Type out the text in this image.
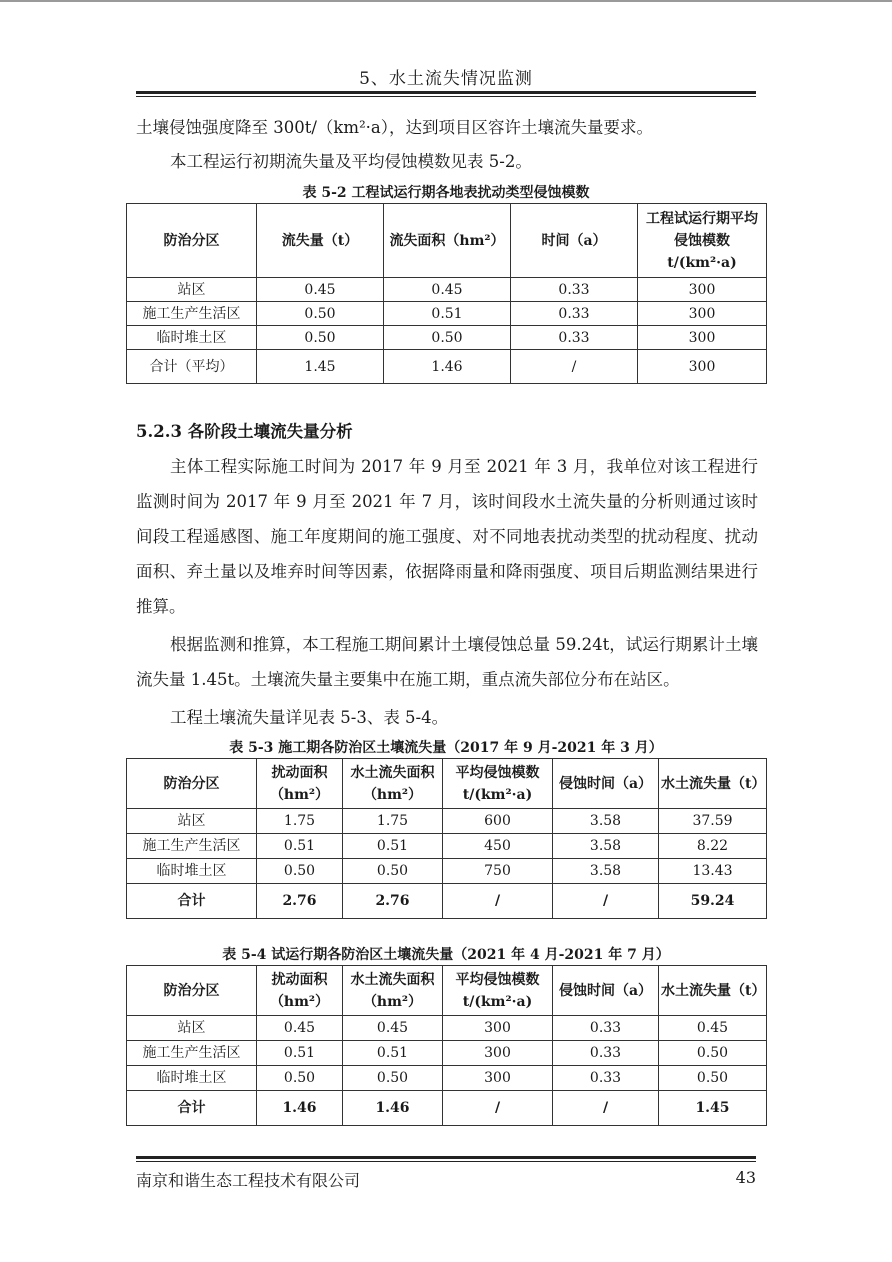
5、水土流失情况监测

土壤侵蚀强度降至 300t/（km²·a），达到项目区容许土壤流失量要求。

本工程运行初期流失量及平均侵蚀模数见表 5-2。

表 5-2 工程试运行期各地表扰动类型侵蚀模数

防治分区	流失量（t）	流失面积（hm²）	时间（a）	工程试运行期平均侵蚀模数 t/(km²·a)
站区	0.45	0.45	0.33	300
施工生产生活区	0.50	0.51	0.33	300
临时堆土区	0.50	0.50	0.33	300
合计（平均）	1.45	1.46	/	300

5.2.3 各阶段土壤流失量分析

主体工程实际施工时间为 2017 年 9 月至 2021 年 3 月，我单位对该工程进行监测时间为 2017 年 9 月至 2021 年 7 月，该时间段水土流失量的分析则通过该时间段工程遥感图、施工年度期间的施工强度、对不同地表扰动类型的扰动程度、扰动面积、弃土量以及堆弃时间等因素，依据降雨量和降雨强度、项目后期监测结果进行推算。

根据监测和推算，本工程施工期间累计土壤侵蚀总量 59.24t，试运行期累计土壤流失量 1.45t。土壤流失量主要集中在施工期，重点流失部位分布在站区。

工程土壤流失量详见表 5-3、表 5-4。

表 5-3 施工期各防治区土壤流失量（2017 年 9 月-2021 年 3 月）

防治分区	扰动面积（hm²）	水土流失面积（hm²）	平均侵蚀模数 t/(km²·a)	侵蚀时间（a）	水土流失量（t）
站区	1.75	1.75	600	3.58	37.59
施工生产生活区	0.51	0.51	450	3.58	8.22
临时堆土区	0.50	0.50	750	3.58	13.43
合计	2.76	2.76	/	/	59.24

表 5-4 试运行期各防治区土壤流失量（2021 年 4 月-2021 年 7 月）

防治分区	扰动面积（hm²）	水土流失面积（hm²）	平均侵蚀模数 t/(km²·a)	侵蚀时间（a）	水土流失量（t）
站区	0.45	0.45	300	0.33	0.45
施工生产生活区	0.51	0.51	300	0.33	0.50
临时堆土区	0.50	0.50	300	0.33	0.50
合计	1.46	1.46	/	/	1.45
南京和谐生态工程技术有限公司	43
